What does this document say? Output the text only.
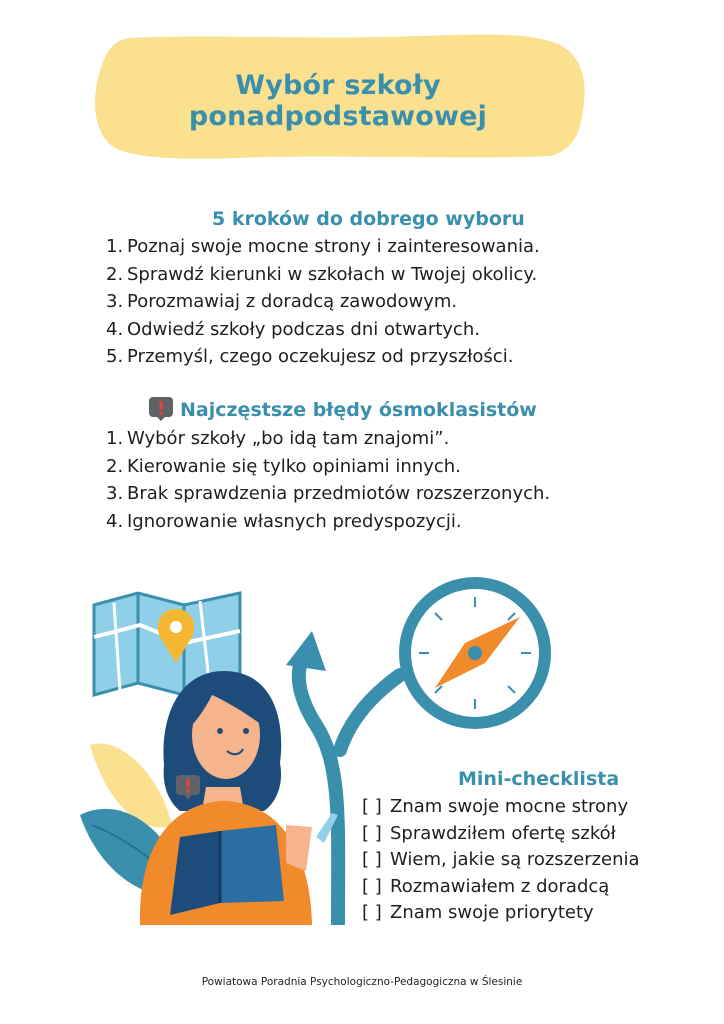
Wybór szkoły ponadpodstawowej
5 kroków do dobrego wyboru
1. Poznaj swoje mocne strony i zainteresowania.
2. Sprawdź kierunki w szkołach w Twojej okolicy.
3. Porozmawiaj z doradcą zawodowym.
4. Odwiedź szkoły podczas dni otwartych.
5. Przemyśl, czego oczekujesz od przyszłości.
Najczęstsze błędy ósmoklasistów
1. Wybór szkoły „bo idą tam znajomi”.
2. Kierowanie się tylko opiniami innych.
3. Brak sprawdzenia przedmiotów rozszerzonych.
4. Ignorowanie własnych predyspozycji.
Mini-checklista
[ ] Znam swoje mocne strony
[ ] Sprawdziłem ofertę szkół
[ ] Wiem, jakie są rozszerzenia
[ ] Rozmawiałem z doradcą
[ ] Znam swoje priorytety

Powiatowa Poradnia Psychologiczno-Pedagogiczna w Ślesinie
